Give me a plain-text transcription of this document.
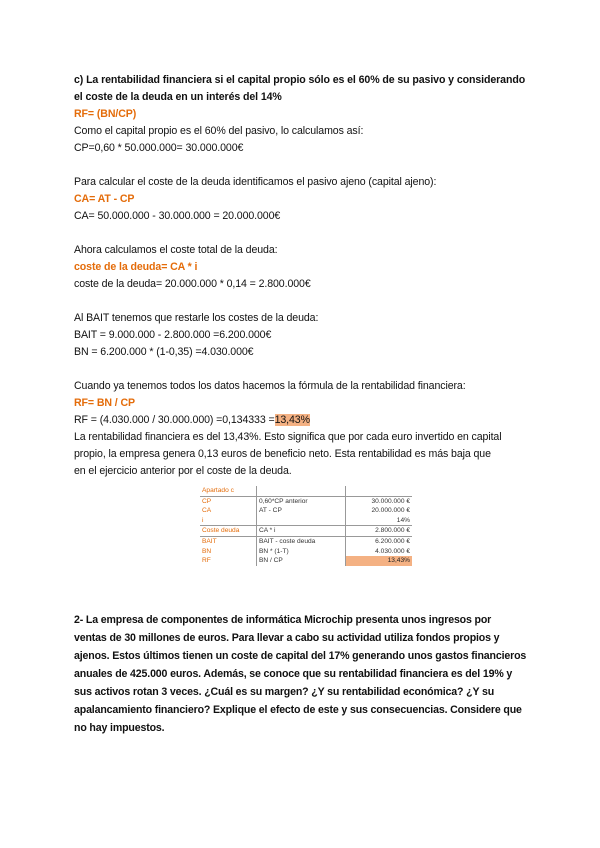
c) La rentabilidad financiera si el capital propio sólo es el 60% de su pasivo y considerando
el coste de la deuda en un interés del 14%
RF= (BN/CP)
Como el capital propio es el 60% del pasivo, lo calculamos así:
CP=0,60 * 50.000.000= 30.000.000€
Para calcular el coste de la deuda identificamos el pasivo ajeno (capital ajeno):
CA= AT - CP
CA= 50.000.000 - 30.000.000 = 20.000.000€
Ahora calculamos el coste total de la deuda:
coste de la deuda= CA * i
coste de la deuda= 20.000.000 * 0,14 = 2.800.000€
Al BAIT tenemos que restarle los costes de la deuda:
BAIT = 9.000.000 - 2.800.000 =6.200.000€
BN = 6.200.000 * (1-0,35) =4.030.000€
Cuando ya tenemos todos los datos hacemos la fórmula de la rentabilidad financiera:
RF= BN / CP
RF = (4.030.000 / 30.000.000) =0,134333 =13,43%
La rentabilidad financiera es del 13,43%. Esto significa que por cada euro invertido en capital
propio, la empresa genera 0,13 euros de beneficio neto. Esta rentabilidad es más baja que
en el ejercicio anterior por el coste de la deuda.
Apartado c		
CP	0,60*CP anterior	30.000.000 €
CA	AT - CP	20.000.000 €
i		14%
Coste deuda	CA * i	2.800.000 €
BAIT	BAIT - coste deuda	6.200.000 €
BN	BN * (1-T)	4.030.000 €
RF	BN / CP	13,43%
2- La empresa de componentes de informática Microchip presenta unos ingresos por
ventas de 30 millones de euros. Para llevar a cabo su actividad utiliza fondos propios y
ajenos. Estos últimos tienen un coste de capital del 17% generando unos gastos financieros
anuales de 425.000 euros. Además, se conoce que su rentabilidad financiera es del 19% y
sus activos rotan 3 veces. ¿Cuál es su margen? ¿Y su rentabilidad económica? ¿Y su
apalancamiento financiero? Explique el efecto de este y sus consecuencias. Considere que
no hay impuestos.
